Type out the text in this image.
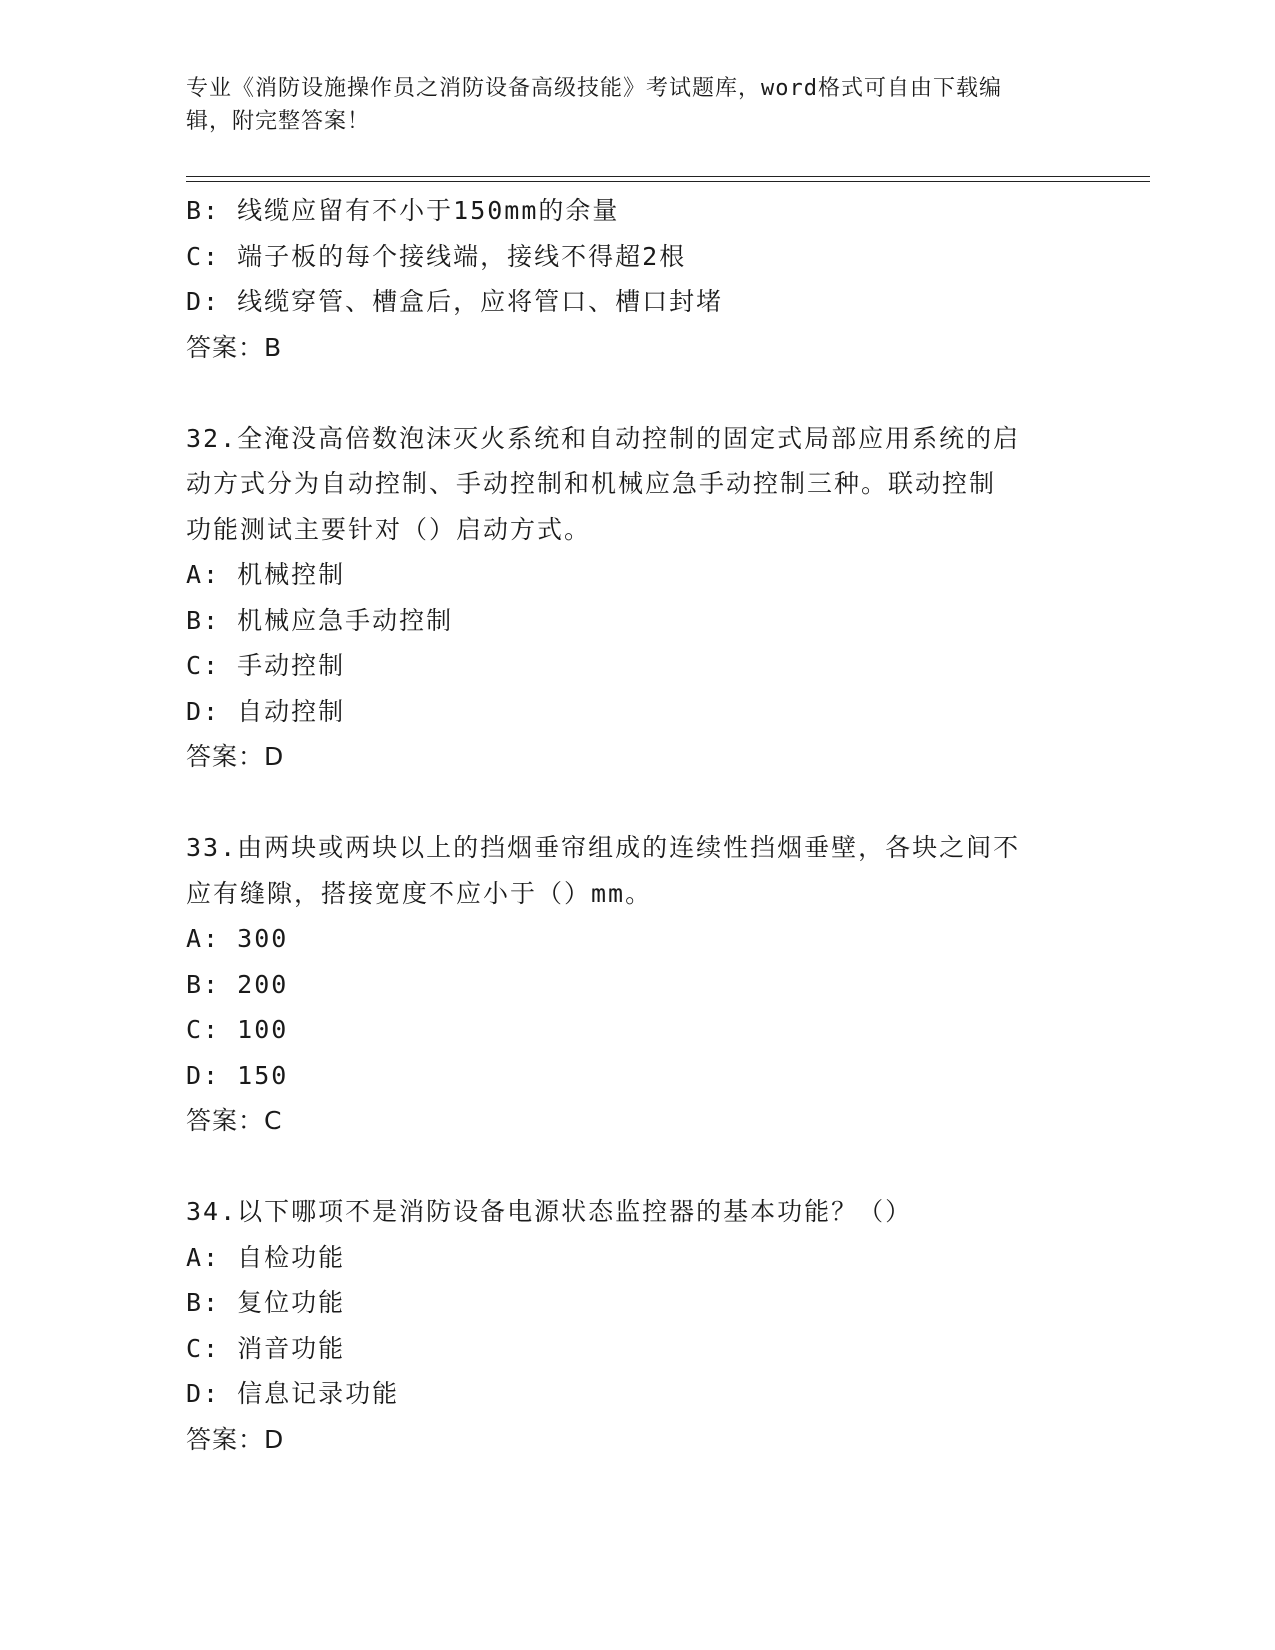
专业《消防设施操作员之消防设备高级技能》考试题库，word格式可自由下载编
辑，附完整答案！
B: 线缆应留有不小于150mm的余量
C: 端子板的每个接线端，接线不得超2根
D: 线缆穿管、槽盒后，应将管口、槽口封堵
答案：B
32.全淹没高倍数泡沫灭火系统和自动控制的固定式局部应用系统的启
动方式分为自动控制、手动控制和机械应急手动控制三种。联动控制
功能测试主要针对（）启动方式。
A: 机械控制
B: 机械应急手动控制
C: 手动控制
D: 自动控制
答案：D
33.由两块或两块以上的挡烟垂帘组成的连续性挡烟垂壁，各块之间不
应有缝隙，搭接宽度不应小于（）mm。
A: 300
B: 200
C: 100
D: 150
答案：C
34.以下哪项不是消防设备电源状态监控器的基本功能？（）
A: 自检功能
B: 复位功能
C: 消音功能
D: 信息记录功能
答案：D
